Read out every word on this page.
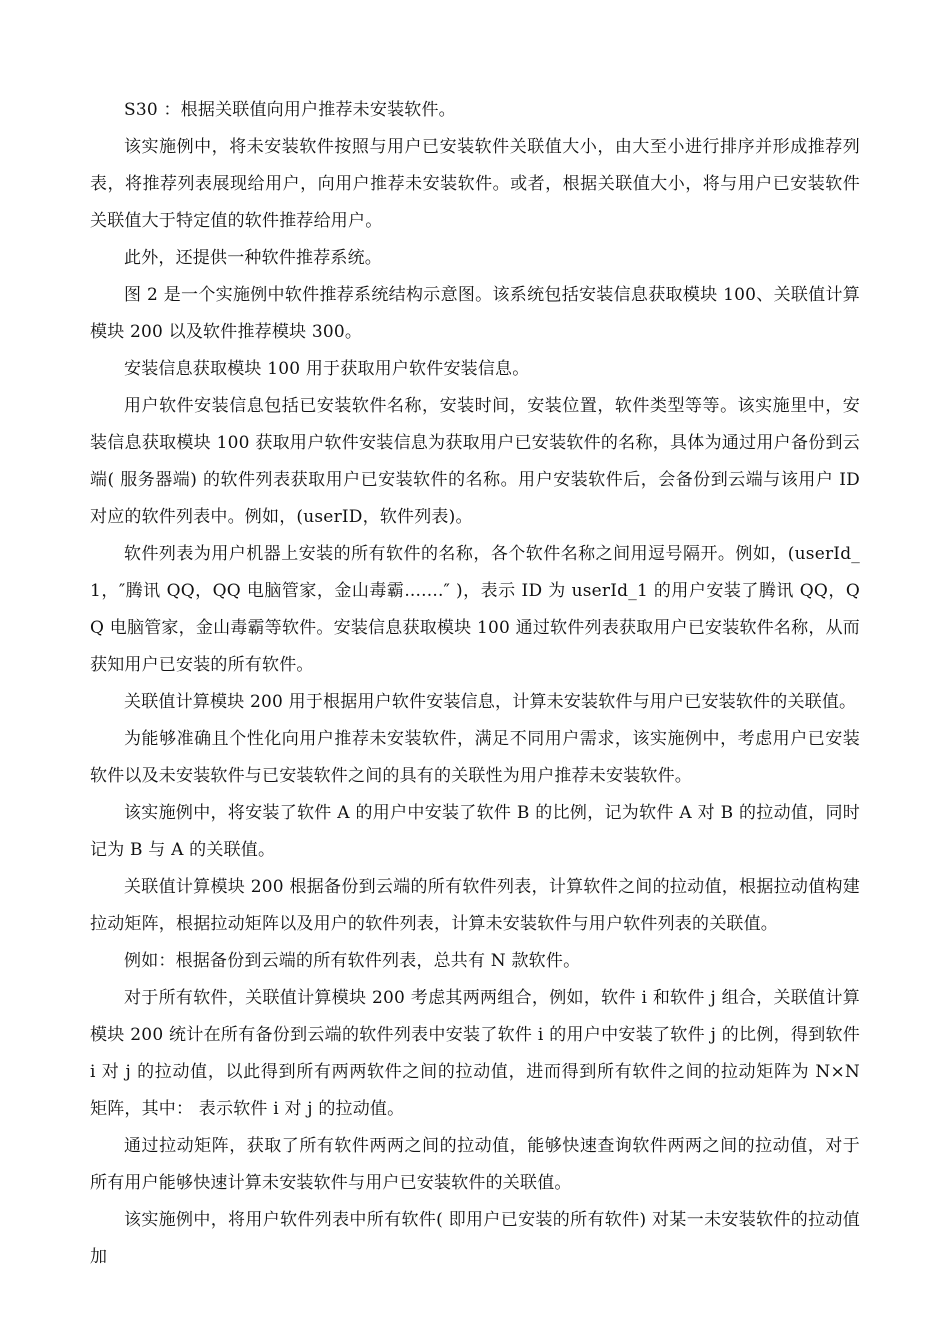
S30 ：根据关联值向用户推荐未安装软件。

该实施例中，将未安装软件按照与用户已安装软件关联值大小，由大至小进行排序并形成推荐列表，将推荐列表展现给用户，向用户推荐未安装软件。或者，根据关联值大小，将与用户已安装软件关联值大于特定值的软件推荐给用户。

此外，还提供一种软件推荐系统。

图 2 是一个实施例中软件推荐系统结构示意图。该系统包括安装信息获取模块 100、关联值计算模块 200 以及软件推荐模块 300。

安装信息获取模块 100 用于获取用户软件安装信息。

用户软件安装信息包括已安装软件名称，安装时间，安装位置，软件类型等等。该实施里中，安装信息获取模块 100 获取用户软件安装信息为获取用户已安装软件的名称，具体为通过用户备份到云端( 服务器端) 的软件列表获取用户已安装软件的名称。用户安装软件后，会备份到云端与该用户 ID 对应的软件列表中。例如，(userID，软件列表)。

软件列表为用户机器上安装的所有软件的名称，各个软件名称之间用逗号隔开。例如，(userId_1，″腾讯 QQ，QQ 电脑管家，金山毒霸.......″ )，表示 ID 为 userId_1 的用户安装了腾讯 QQ，QQ 电脑管家，金山毒霸等软件。安装信息获取模块 100 通过软件列表获取用户已安装软件名称，从而获知用户已安装的所有软件。

关联值计算模块 200 用于根据用户软件安装信息，计算未安装软件与用户已安装软件的关联值。

为能够准确且个性化向用户推荐未安装软件，满足不同用户需求，该实施例中，考虑用户已安装软件以及未安装软件与已安装软件之间的具有的关联性为用户推荐未安装软件。

该实施例中，将安装了软件 A 的用户中安装了软件 B 的比例，记为软件 A 对 B 的拉动值，同时记为 B 与 A 的关联值。

关联值计算模块 200 根据备份到云端的所有软件列表，计算软件之间的拉动值，根据拉动值构建拉动矩阵，根据拉动矩阵以及用户的软件列表，计算未安装软件与用户软件列表的关联值。

例如：根据备份到云端的所有软件列表，总共有 N 款软件。

对于所有软件，关联值计算模块 200 考虑其两两组合，例如，软件 i 和软件 j 组合，关联值计算模块 200 统计在所有备份到云端的软件列表中安装了软件 i 的用户中安装了软件 j 的比例，得到软件 i 对 j 的拉动值，以此得到所有两两软件之间的拉动值，进而得到所有软件之间的拉动矩阵为 N×N 矩阵，其中： 表示软件 i 对 j 的拉动值。

通过拉动矩阵，获取了所有软件两两之间的拉动值，能够快速查询软件两两之间的拉动值，对于所有用户能够快速计算未安装软件与用户已安装软件的关联值。

该实施例中，将用户软件列表中所有软件( 即用户已安装的所有软件) 对某一未安装软件的拉动值加
